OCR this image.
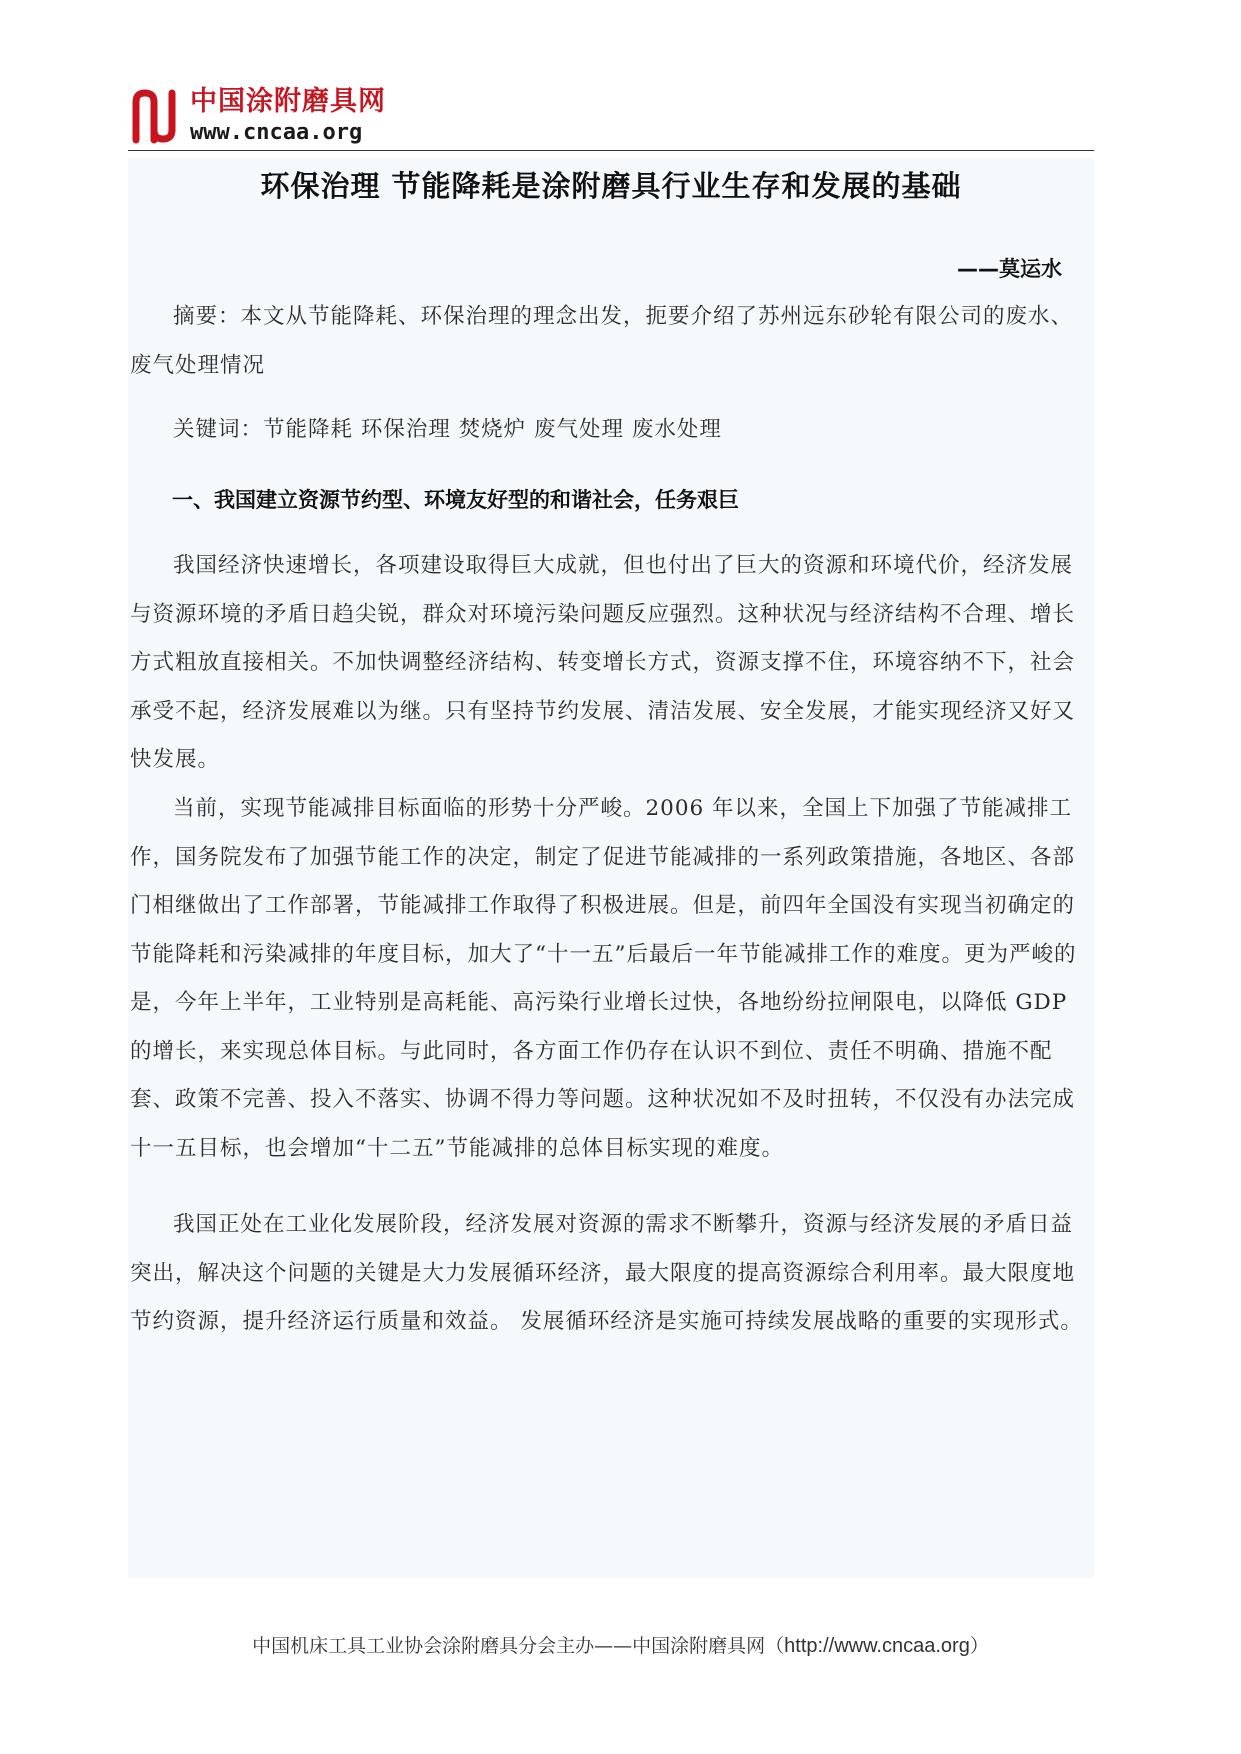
中国涂附磨具网
www.cncaa.org
环保治理 节能降耗是涂附磨具行业生存和发展的基础
——莫运水
摘要：本文从节能降耗、环保治理的理念出发，扼要介绍了苏州远东砂轮有限公司的废水、废气处理情况
关键词：节能降耗 环保治理 焚烧炉 废气处理 废水处理
一、我国建立资源节约型、环境友好型的和谐社会，任务艰巨
我国经济快速增长，各项建设取得巨大成就，但也付出了巨大的资源和环境代价，经济发展与资源环境的矛盾日趋尖锐，群众对环境污染问题反应强烈。这种状况与经济结构不合理、增长方式粗放直接相关。不加快调整经济结构、转变增长方式，资源支撑不住，环境容纳不下，社会承受不起，经济发展难以为继。只有坚持节约发展、清洁发展、安全发展，才能实现经济又好又快发展。
当前，实现节能减排目标面临的形势十分严峻。2006 年以来，全国上下加强了节能减排工作，国务院发布了加强节能工作的决定，制定了促进节能减排的一系列政策措施，各地区、各部门相继做出了工作部署，节能减排工作取得了积极进展。但是，前四年全国没有实现当初确定的节能降耗和污染减排的年度目标，加大了“十一五”后最后一年节能减排工作的难度。更为严峻的是，今年上半年，工业特别是高耗能、高污染行业增长过快，各地纷纷拉闸限电，以降低 GDP 的增长，来实现总体目标。与此同时，各方面工作仍存在认识不到位、责任不明确、措施不配套、政策不完善、投入不落实、协调不得力等问题。这种状况如不及时扭转，不仅没有办法完成十一五目标，也会增加“十二五”节能减排的总体目标实现的难度。
我国正处在工业化发展阶段，经济发展对资源的需求不断攀升，资源与经济发展的矛盾日益突出，解决这个问题的关键是大力发展循环经济，最大限度的提高资源综合利用率。最大限度地节约资源，提升经济运行质量和效益。 发展循环经济是实施可持续发展战略的重要的实现形式。
中国机床工具工业协会涂附磨具分会主办——中国涂附磨具网（http://www.cncaa.org）
